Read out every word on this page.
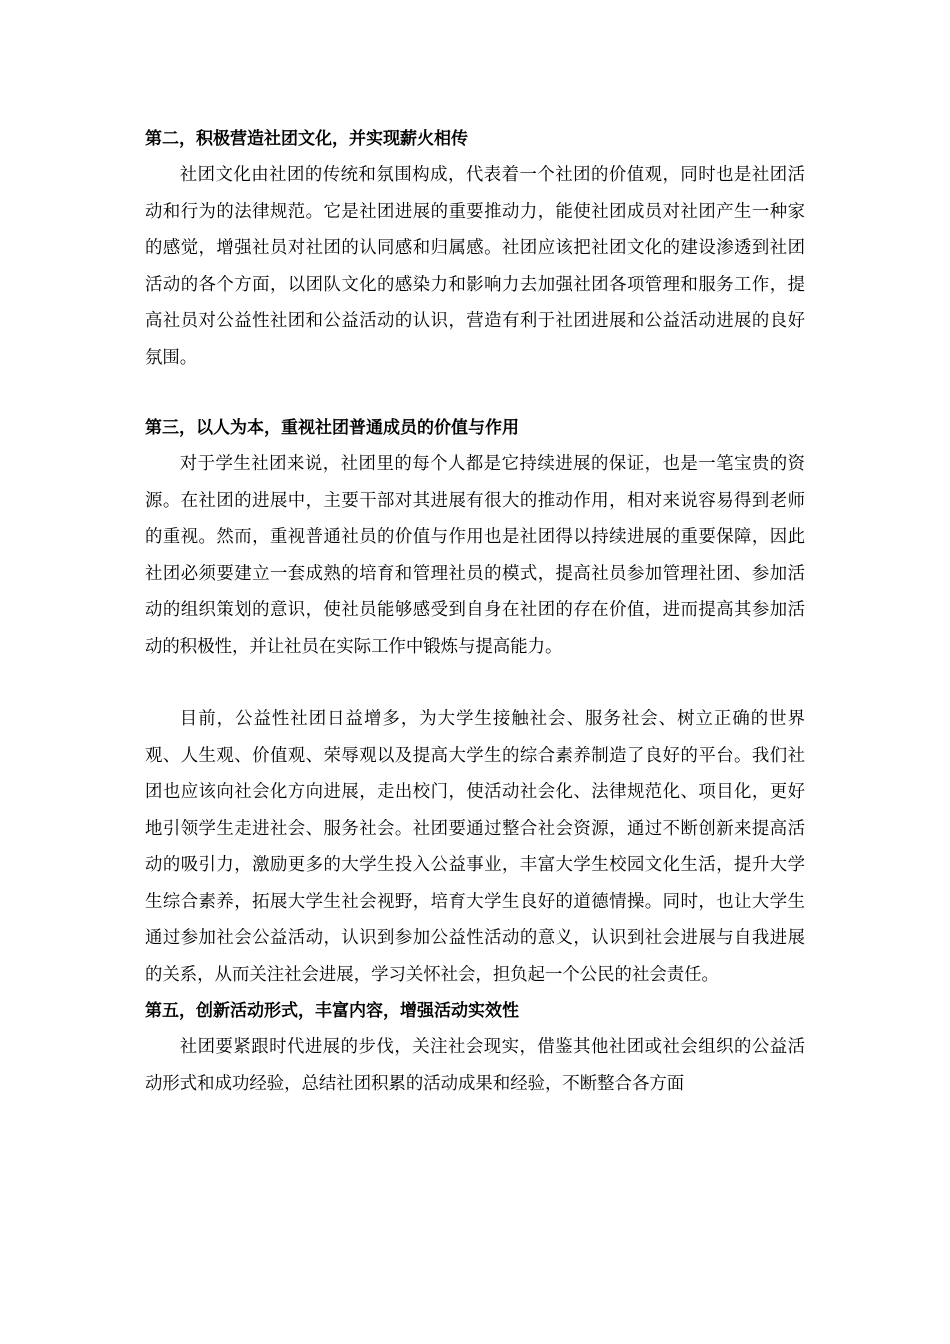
第二，积极营造社团文化，并实现薪火相传

社团文化由社团的传统和氛围构成，代表着一个社团的价值观，同时也是社团活动和行为的法律规范。它是社团进展的重要推动力，能使社团成员对社团产生一种家的感觉，增强社员对社团的认同感和归属感。社团应该把社团文化的建设渗透到社团活动的各个方面，以团队文化的感染力和影响力去加强社团各项管理和服务工作，提高社员对公益性社团和公益活动的认识，营造有利于社团进展和公益活动进展的良好氛围。

第三，以人为本，重视社团普通成员的价值与作用

对于学生社团来说，社团里的每个人都是它持续进展的保证，也是一笔宝贵的资源。在社团的进展中，主要干部对其进展有很大的推动作用，相对来说容易得到老师的重视。然而，重视普通社员的价值与作用也是社团得以持续进展的重要保障，因此社团必须要建立一套成熟的培育和管理社员的模式，提高社员参加管理社团、参加活动的组织策划的意识，使社员能够感受到自身在社团的存在价值，进而提高其参加活动的积极性，并让社员在实际工作中锻炼与提高能力。

目前，公益性社团日益增多，为大学生接触社会、服务社会、树立正确的世界观、人生观、价值观、荣辱观以及提高大学生的综合素养制造了良好的平台。我们社团也应该向社会化方向进展，走出校门，使活动社会化、法律规范化、项目化，更好地引领学生走进社会、服务社会。社团要通过整合社会资源，通过不断创新来提高活动的吸引力，激励更多的大学生投入公益事业，丰富大学生校园文化生活，提升大学生综合素养，拓展大学生社会视野，培育大学生良好的道德情操。同时，也让大学生通过参加社会公益活动，认识到参加公益性活动的意义，认识到社会进展与自我进展的关系，从而关注社会进展，学习关怀社会，担负起一个公民的社会责任。

第五，创新活动形式，丰富内容，增强活动实效性

社团要紧跟时代进展的步伐，关注社会现实，借鉴其他社团或社会组织的公益活动形式和成功经验，总结社团积累的活动成果和经验，不断整合各方面
